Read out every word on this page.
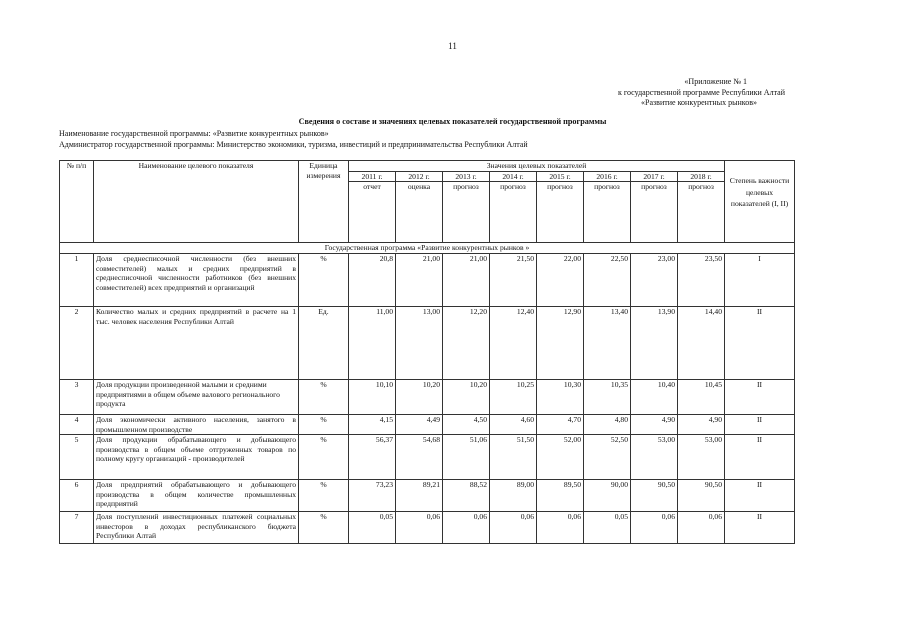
11
«Приложение № 1
к государственной программе Республики Алтай
«Развитие конкурентных рынков»
Сведения о составе и значениях целевых показателей государственной программы
Наименование государственной программы: «Развитие конкурентных рынков»
Администратор государственной программы: Министерство экономики, туризма, инвестиций и предпринимательства Республики Алтай
№ п/п	Наименование целевого показателя	Единица измерения	Значения целевых показателей								Степень важности целевых показателей (I, II)
			2011 г.	2012 г.	2013 г.	2014 г.	2015 г.	2016 г.	2017 г.	2018 г.	
			отчет	оценка	прогноз	прогноз	прогноз	прогноз	прогноз	прогноз	
Государственная программа «Развитие конкурентных рынков »											
1	Доля среднесписочной численности (без внешних совместителей) малых и средних предприятий в среднесписочной численности работников (без внешних совместителей) всех предприятий и организаций	%	20,8	21,00	21,00	21,50	22,00	22,50	23,00	23,50	I
2	Количество малых и средних предприятий в расчете на 1 тыс. человек населения Республики Алтай	Ед.	11,00	13,00	12,20	12,40	12,90	13,40	13,90	14,40	II
3	Доля продукции произведенной малыми и средними предприятиями в общем объеме валового регионального продукта	%	10,10	10,20	10,20	10,25	10,30	10,35	10,40	10,45	II
4	Доля экономически активного населения, занятого в промышленном производстве	%	4,15	4,49	4,50	4,60	4,70	4,80	4,90	4,90	II
5	Доля продукции обрабатывающего и добывающего производства в общем объеме отгруженных товаров по полному кругу организаций - производителей	%	56,37	54,68	51,06	51,50	52,00	52,50	53,00	53,00	II
6	Доля предприятий обрабатывающего и добывающего производства в общем количестве промышленных предприятий	%	73,23	89,21	88,52	89,00	89,50	90,00	90,50	90,50	II
7	Доля поступлений инвестиционных платежей социальных инвесторов в доходах республиканского бюджета Республики Алтай	%	0,05	0,06	0,06	0,06	0,06	0,05	0,06	0,06	II
